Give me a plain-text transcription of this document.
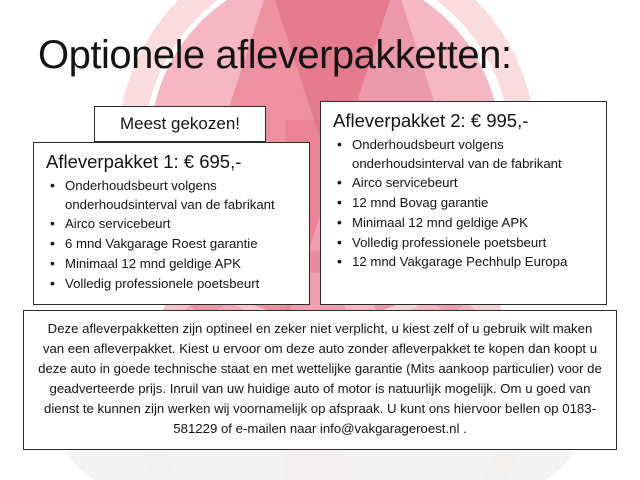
Optionele afleverpakketten:
Meest gekozen!
Afleverpakket 1: € 695,-
• Onderhoudsbeurt volgens onderhoudsinterval van de fabrikant
• Airco servicebeurt
• 6 mnd Vakgarage Roest garantie
• Minimaal 12 mnd geldige APK
• Volledig professionele poetsbeurt
Afleverpakket 2: € 995,-
• Onderhoudsbeurt volgens onderhoudsinterval van de fabrikant
• Airco servicebeurt
• 12 mnd Bovag garantie
• Minimaal 12 mnd geldige APK
• Volledig professionele poetsbeurt
• 12 mnd Vakgarage Pechhulp Europa

Deze afleverpakketten zijn optineel en zeker niet verplicht, u kiest zelf of u gebruik wilt maken van een afleverpakket. Kiest u ervoor om deze auto zonder afleverpakket te kopen dan koopt u deze auto in goede technische staat en met wettelijke garantie (Mits aankoop particulier) voor de geadverteerde prijs. Inruil van uw huidige auto of motor is natuurlijk mogelijk. Om u goed van dienst te kunnen zijn werken wij voornamelijk op afspraak. U kunt ons hiervoor bellen op 0183-581229 of e-mailen naar info@vakgarageroest.nl .
